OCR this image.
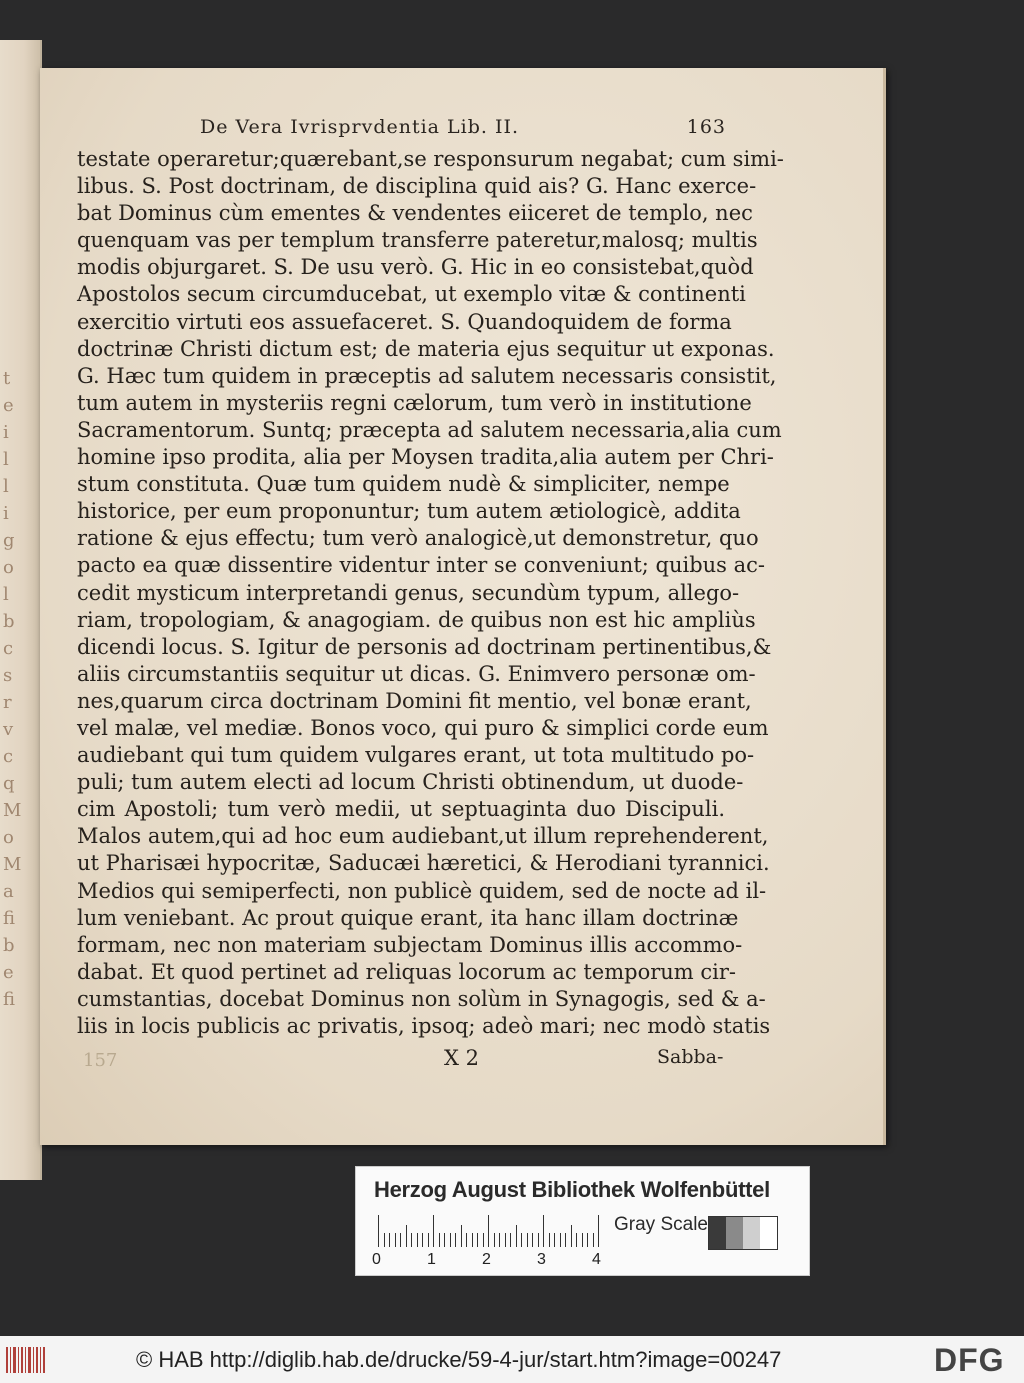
t
e
i
l
l
i
g
o
l
b
c
s
r
v
c
q
M
o
M
a
fi
b
e
fi
De Vera Ivrisprvdentia Lib. II.	163
testate operaretur;quærebant,se responsurum negabat; cum simi-
libus. S. Post doctrinam, de disciplina quid ais? G. Hanc exerce-
bat Dominus cùm ementes & vendentes eiiceret de templo, nec
quenquam vas per templum transferre pateretur,malosq; multis
modis objurgaret. S. De usu verò. G. Hic in eo consistebat,quòd
Apostolos secum circumducebat, ut exemplo vitæ & continenti
exercitio virtuti eos assuefaceret. S. Quandoquidem de forma
doctrinæ Christi dictum est; de materia ejus sequitur ut exponas.
G. Hæc tum quidem in præceptis ad salutem necessaris consistit,
tum autem in mysteriis regni cælorum, tum verò in institutione
Sacramentorum. Suntq; præcepta ad salutem necessaria,alia cum
homine ipso prodita, alia per Moysen tradita,alia autem per Chri-
stum constituta. Quæ tum quidem nudè & simpliciter, nempe
historice, per eum proponuntur; tum autem ætiologicè, addita
ratione & ejus effectu; tum verò analogicè,ut demonstretur, quo
pacto ea quæ dissentire videntur inter se conveniunt; quibus ac-
cedit mysticum interpretandi genus, secundùm typum, allego-
riam, tropologiam, & anagogiam. de quibus non est hic ampliùs
dicendi locus. S. Igitur de personis ad doctrinam pertinentibus,&
aliis circumstantiis sequitur ut dicas. G. Enimvero personæ om-
nes,quarum circa doctrinam Domini fit mentio, vel bonæ erant,
vel malæ, vel mediæ. Bonos voco, qui puro & simplici corde eum
audiebant qui tum quidem vulgares erant, ut tota multitudo po-
puli; tum autem electi ad locum Christi obtinendum, ut duode-
cim Apostoli; tum verò medii, ut septuaginta duo Discipuli.
Malos autem,qui ad hoc eum audiebant,ut illum reprehenderent,
ut Pharisæi hypocritæ, Saducæi hæretici, & Herodiani tyrannici.
Medios qui semiperfecti, non publicè quidem, sed de nocte ad il-
lum veniebant. Ac prout quique erant, ita hanc illam doctrinæ
formam, nec non materiam subjectam Dominus illis accommo-
dabat. Et quod pertinet ad reliquas locorum ac temporum cir-
cumstantias, docebat Dominus non solùm in Synagogis, sed & a-
liis in locis publicis ac privatis, ipsoq; adeò mari; nec modò statis
157	X 2	Sabba-
Herzog August Bibliothek Wolfenbüttel
0	1	2	3	4
Gray Scale
© HAB http://diglib.hab.de/drucke/59-4-jur/start.htm?image=00247	DFG
